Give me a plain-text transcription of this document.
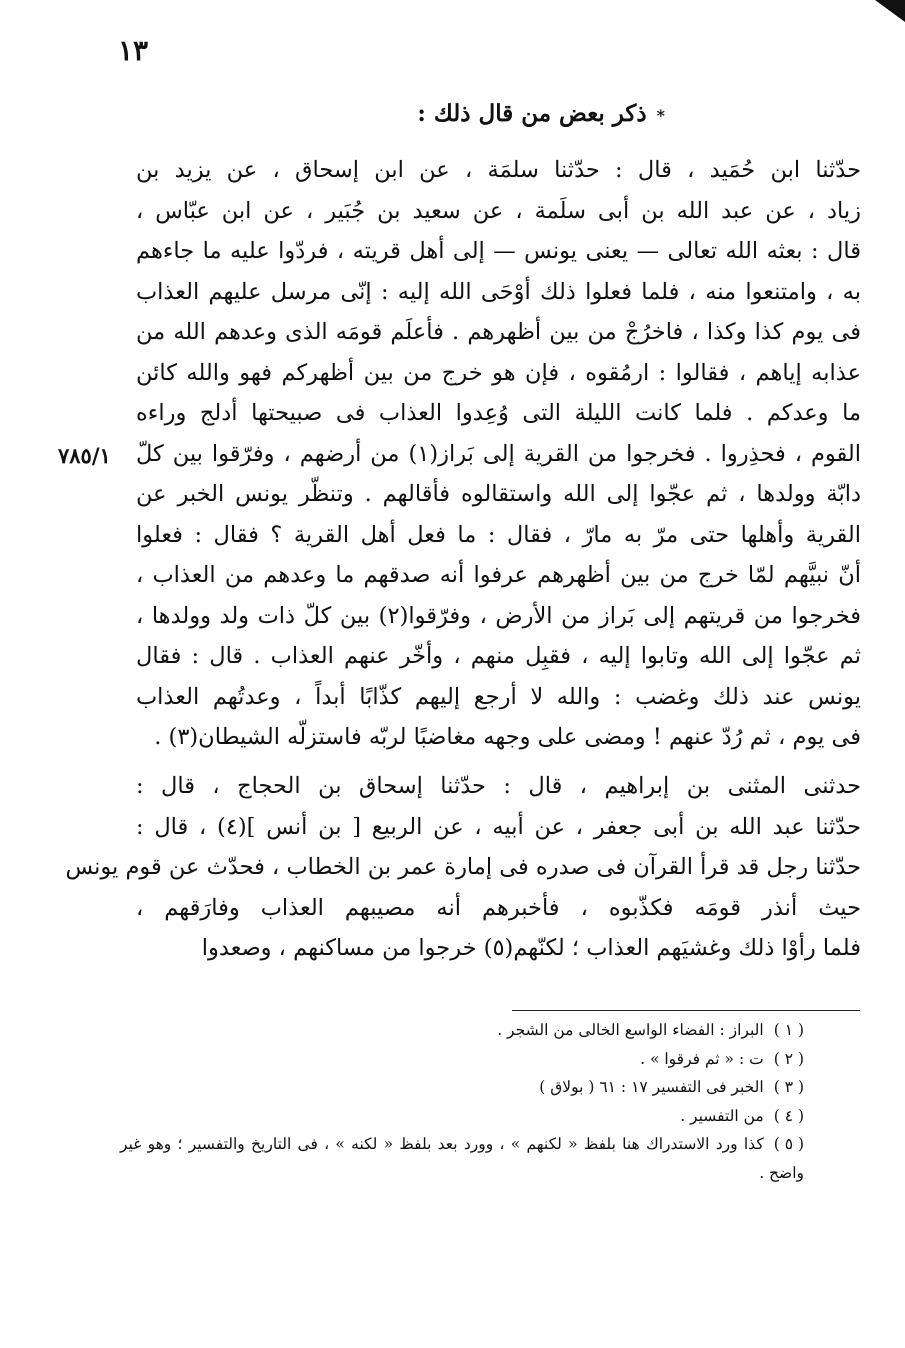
١٣
*ذكر بعض من قال ذلك :
٧٨٥/١
حدّثنا ابن حُمَيد ، قال : حدّثنا سلمَة ، عن ابن إسحاق ، عن يزيد بن
زياد ، عن عبد الله بن أبى سلَمة ، عن سعيد بن جُبَير ، عن ابن عبّاس ،
قال : بعثه الله تعالى — يعنى يونس — إلى أهل قريته ، فردّوا عليه ما جاءهم
به ، وامتنعوا منه ، فلما فعلوا ذلك أوْحَى الله إليه : إنّى مرسل عليهم العذاب
فى يوم كذا وكذا ، فاخرُجْ من بين أظهرهم . فأعلَم قومَه الذى وعدهم الله من
عذابه إياهم ، فقالوا : ارمُقوه ، فإن هو خرج من بين أظهركم فهو والله كائن
ما وعدكم . فلما كانت الليلة التى وُعِدوا العذاب فى صبيحتها أدلج وراءه
القوم ، فحذِروا . فخرجوا من القرية إلى بَراز(١) من أرضهم ، وفرّقوا بين كلّ
دابّة وولدها ، ثم عجّوا إلى الله واستقالوه فأقالهم . وتنظّر يونس الخبر عن
القرية وأهلها حتى مرّ به مارّ ، فقال : ما فعل أهل القرية ؟ فقال : فعلوا
أنّ نبيَّهم لمّا خرج من بين أظهرهم عرفوا أنه صدقهم ما وعدهم من العذاب ،
فخرجوا من قريتهم إلى بَراز من الأرض ، وفرّقوا(٢) بين كلّ ذات ولد وولدها ،
ثم عجّوا إلى الله وتابوا إليه ، فقبِل منهم ، وأخّر عنهم العذاب . قال : فقال
يونس عند ذلك وغضب : والله لا أرجع إليهم كذّابًا أبداً ، وعدتُهم العذاب
فى يوم ، ثم رُدّ عنهم ! ومضى على وجهه مغاضبًا لربّه فاستزلّه الشيطان(٣) .
حدثنى المثنى بن إبراهيم ، قال : حدّثنا إسحاق بن الحجاج ، قال :
حدّثنا عبد الله بن أبى جعفر ، عن أبيه ، عن الربيع [ بن أنس ](٤) ، قال :
حدّثنا رجل قد قرأ القرآن فى صدره فى إمارة عمر بن الخطاب ، فحدّث عن قوم يونس
حيث أنذر قومَه فكذّبوه ، فأخبرهم أنه مصيبهم العذاب وفارَقهم ،
فلما رأوْا ذلك وغشيَهم العذاب ؛ لكنّهم(٥) خرجوا من مساكنهم ، وصعدوا
( ١ )البراز : الفضاء الواسع الخالى من الشجر .
( ٢ )ت : « ثم فرقوا » .
( ٣ )الخبر فى التفسير ١٧ : ٦١ ( بولاق )
( ٤ )من التفسير .
( ٥ )كذا ورد الاستدراك هنا بلفظ « لكنهم » ، وورد بعد بلفظ « لكنه » ، فى التاريخ والتفسير ؛ وهو غير واضح .
